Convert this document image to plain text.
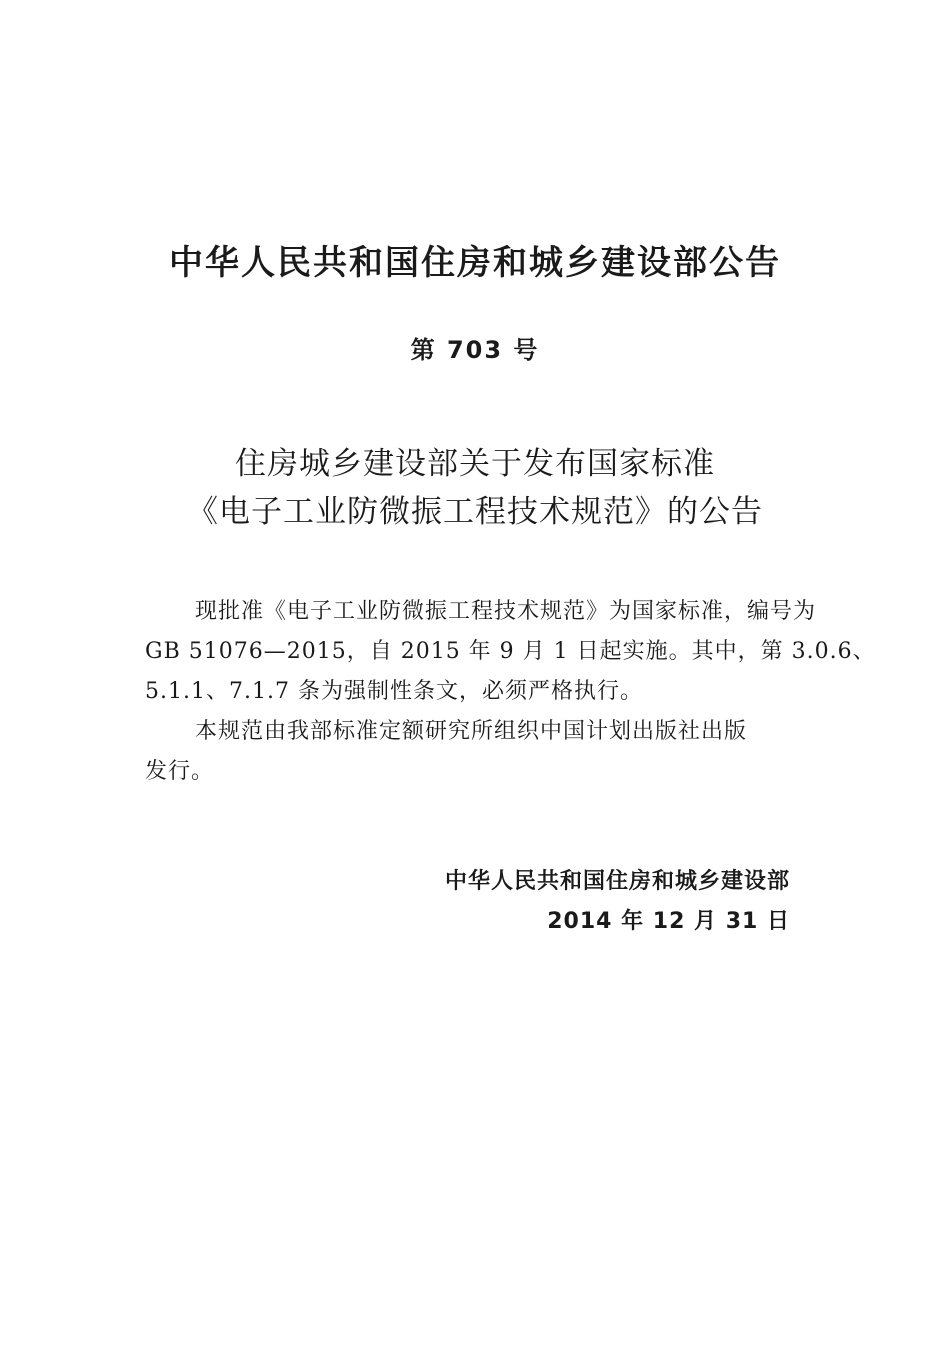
中华人民共和国住房和城乡建设部公告
第 703 号
住房城乡建设部关于发布国家标准
《电子工业防微振工程技术规范》的公告
现批准《电子工业防微振工程技术规范》为国家标准，编号为
GB 51076—2015，自 2015 年 9 月 1 日起实施。其中，第 3.0.6、
5.1.1、7.1.7 条为强制性条文，必须严格执行。
本规范由我部标准定额研究所组织中国计划出版社出版
发行。
中华人民共和国住房和城乡建设部
2014 年 12 月 31 日
